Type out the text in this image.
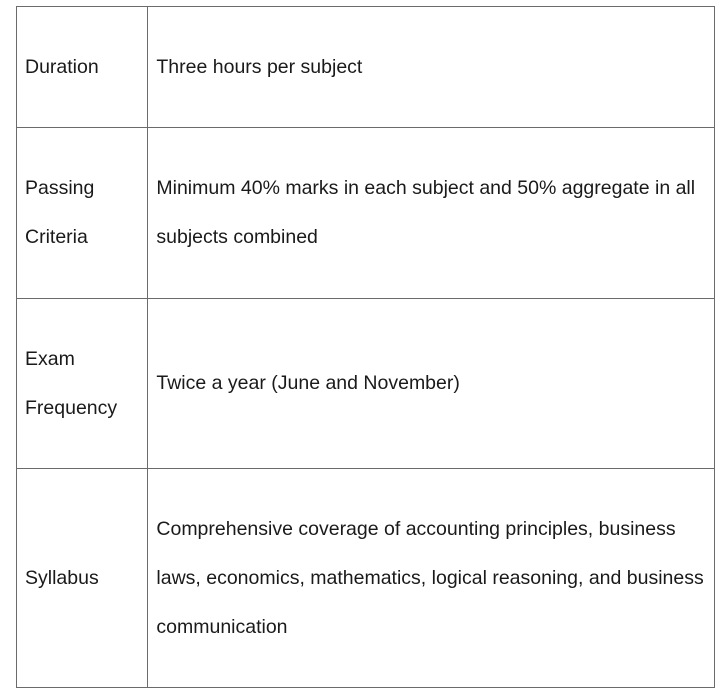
Duration	Three hours per subject
Passing Criteria	Minimum 40% marks in each subject and 50% aggregate in all subjects combined
Exam Frequency	Twice a year (June and November)
Syllabus	Comprehensive coverage of accounting principles, business laws, economics, mathematics, logical reasoning, and business communication
